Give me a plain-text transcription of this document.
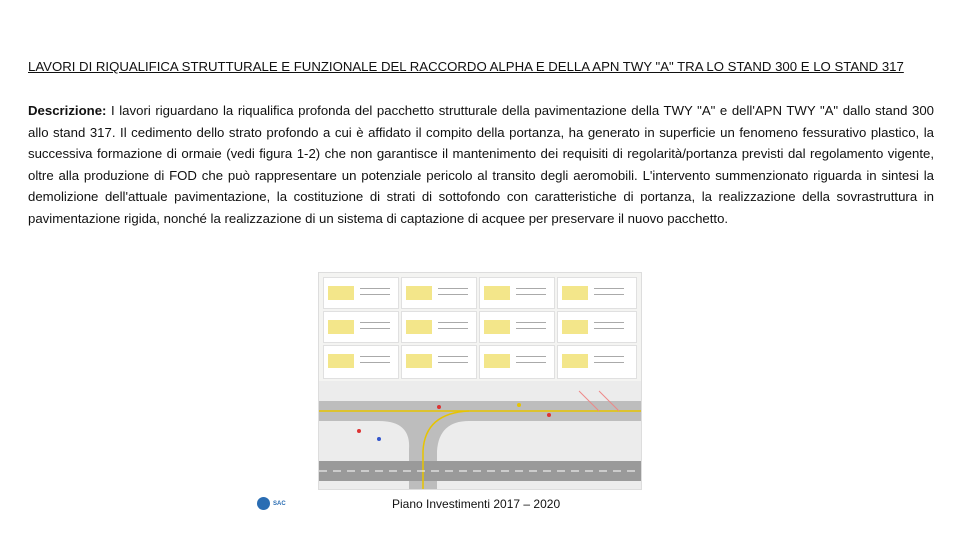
LAVORI DI RIQUALIFICA STRUTTURALE E FUNZIONALE DEL RACCORDO ALPHA E DELLA APN TWY "A" TRA LO STAND 300 E LO STAND 317
Descrizione: I lavori riguardano la riqualifica profonda del pacchetto strutturale della pavimentazione della TWY "A" e dell'APN TWY "A" dallo stand 300 allo stand 317. Il cedimento dello strato profondo a cui è affidato il compito della portanza, ha generato in superficie un fenomeno fessurativo plastico, la successiva formazione di ormaie (vedi figura 1-2) che non garantisce il mantenimento dei requisiti di regolarità/portanza previsti dal regolamento vigente, oltre alla produzione di FOD che può rappresentare un potenziale pericolo al transito degli aeromobili. L'intervento summenzionato riguarda in sintesi la demolizione dell'attuale pavimentazione, la costituzione di strati di sottofondo con caratteristiche di portanza, la realizzazione della sovrastruttura in pavimentazione rigida, nonché la realizzazione di un sistema di captazione di acquee per preservare il nuovo pacchetto.
SAC	Piano Investimenti 2017 – 2020
